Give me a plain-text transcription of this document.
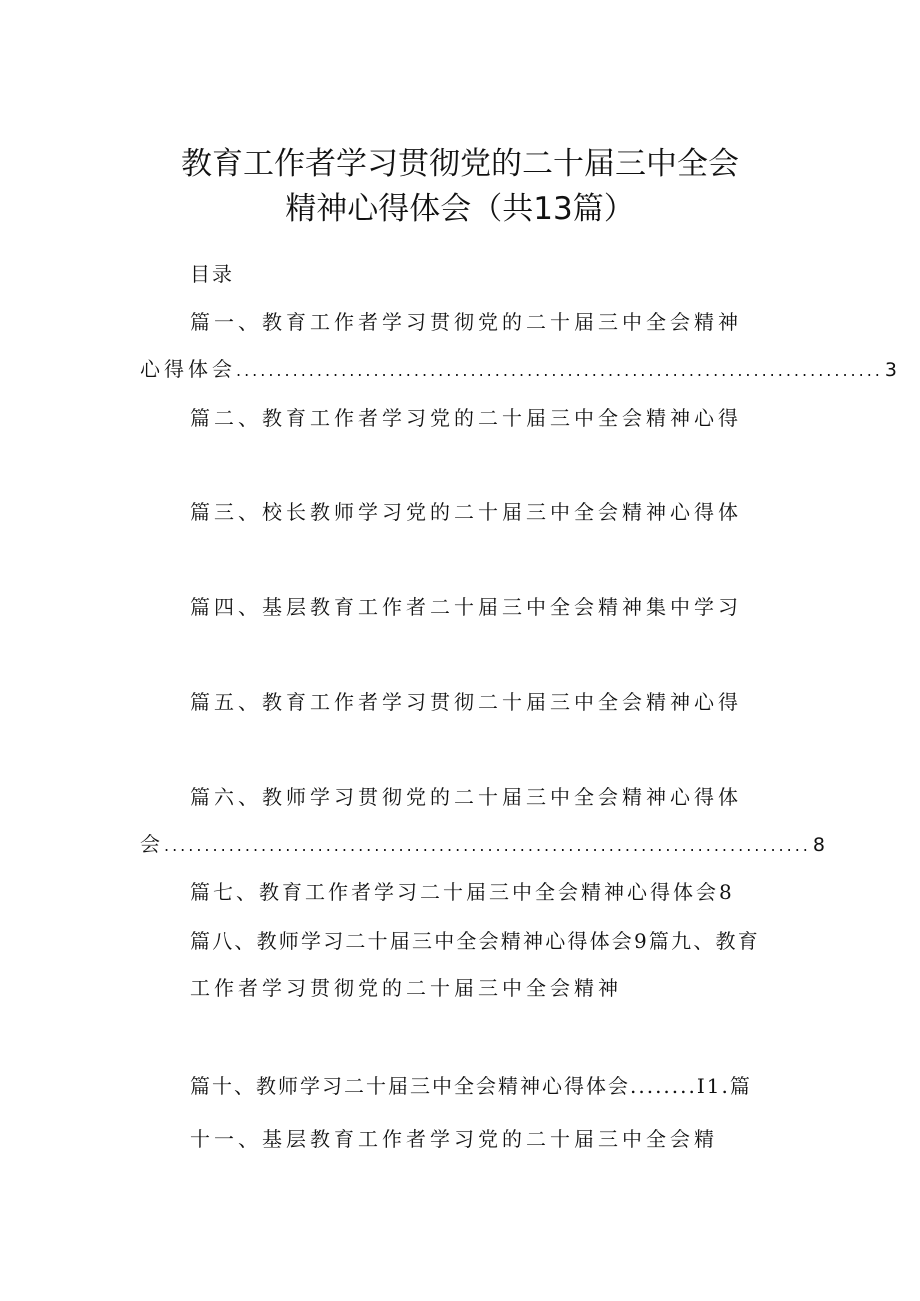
教育工作者学习贯彻党的二十届三中全会
精神心得体会（共13篇）
目录
篇一、教育工作者学习贯彻党的二十届三中全会精神
心得体会 ................................................................................ 3
篇二、教育工作者学习党的二十届三中全会精神心得
篇三、校长教师学习党的二十届三中全会精神心得体
篇四、基层教育工作者二十届三中全会精神集中学习
篇五、教育工作者学习贯彻二十届三中全会精神心得
篇六、教师学习贯彻党的二十届三中全会精神心得体
会 ................................................................................ 8
篇七、教育工作者学习二十届三中全会精神心得体会8
篇八、教师学习二十届三中全会精神心得体会9篇九、教育
工作者学习贯彻党的二十届三中全会精神
篇十、教师学习二十届三中全会精神心得体会........I1.篇
十一、基层教育工作者学习党的二十届三中全会精
